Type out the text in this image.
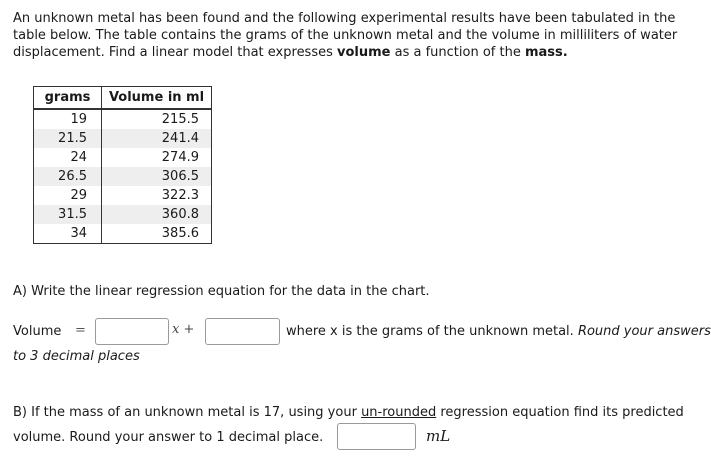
An unknown metal has been found and the following experimental results have been tabulated in the table below. The table contains the grams of the unknown metal and the volume in milliliters of water displacement. Find a linear model that expresses volume as a function of the mass.

grams	Volume in ml
19	215.5
21.5	241.4
24	274.9
26.5	306.5
29	322.3
31.5	360.8
34	385.6

A) Write the linear regression equation for the data in the chart.

Volume =	x +	where x is the grams of the unknown metal. Round your answers
to 3 decimal places

B) If the mass of an unknown metal is 17, using your un-rounded regression equation find its predicted

volume. Round your answer to 1 decimal place.	mL
